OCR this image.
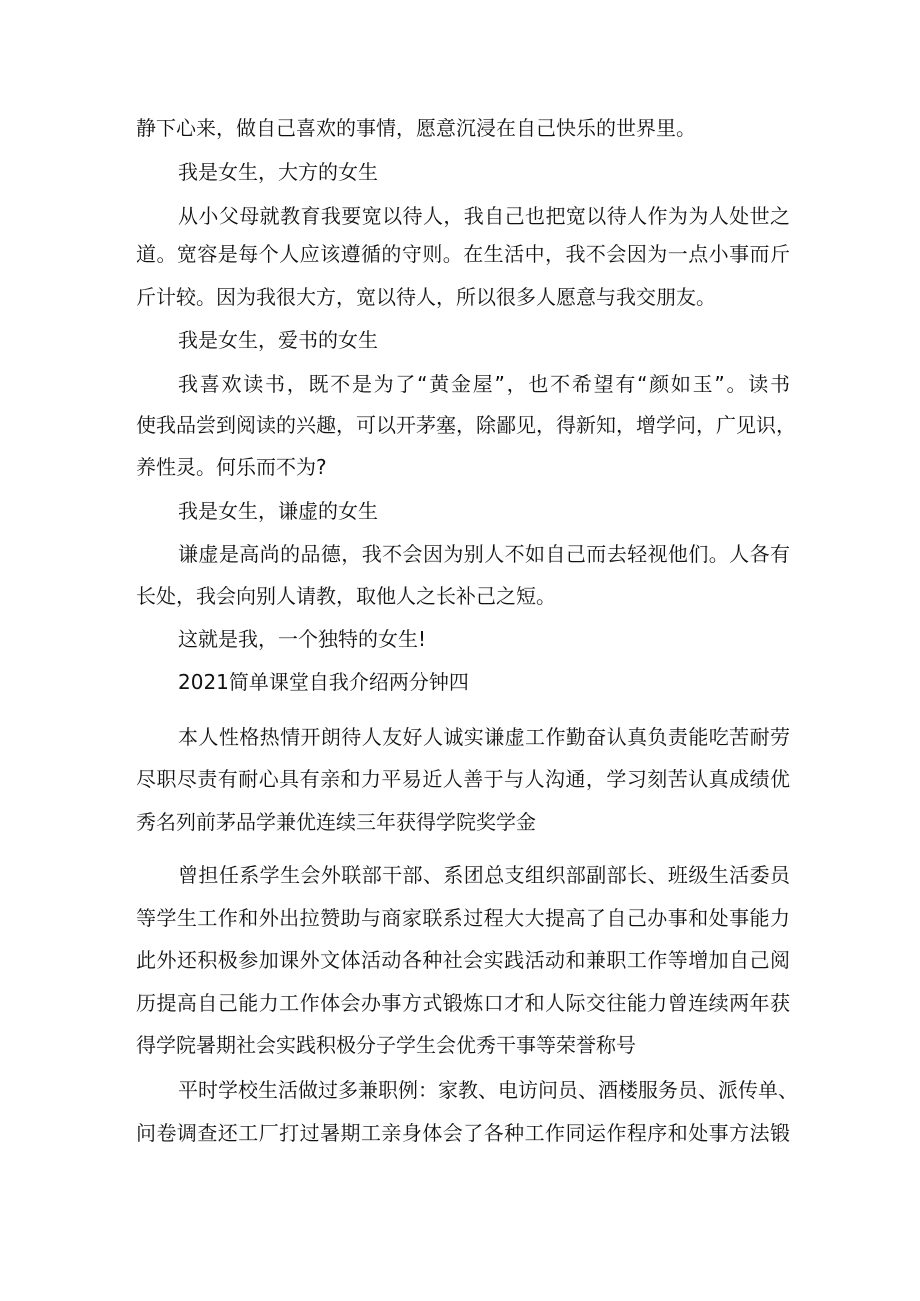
静下心来，做自己喜欢的事情，愿意沉浸在自己快乐的世界里。

我是女生，大方的女生

从小父母就教育我要宽以待人，我自己也把宽以待人作为为人处世之

道。宽容是每个人应该遵循的守则。在生活中，我不会因为一点小事而斤

斤计较。因为我很大方，宽以待人，所以很多人愿意与我交朋友。

我是女生，爱书的女生

我喜欢读书，既不是为了“黄金屋”，也不希望有“颜如玉”。读书

使我品尝到阅读的兴趣，可以开茅塞，除鄙见，得新知，增学问，广见识，

养性灵。何乐而不为?

我是女生，谦虚的女生

谦虚是高尚的品德，我不会因为别人不如自己而去轻视他们。人各有

长处，我会向别人请教，取他人之长补己之短。

这就是我，一个独特的女生!

2021简单课堂自我介绍两分钟四

本人性格热情开朗待人友好人诚实谦虚工作勤奋认真负责能吃苦耐劳

尽职尽责有耐心具有亲和力平易近人善于与人沟通，学习刻苦认真成绩优

秀名列前茅品学兼优连续三年获得学院奖学金

曾担任系学生会外联部干部、系团总支组织部副部长、班级生活委员

等学生工作和外出拉赞助与商家联系过程大大提高了自己办事和处事能力

此外还积极参加课外文体活动各种社会实践活动和兼职工作等增加自己阅

历提高自己能力工作体会办事方式锻炼口才和人际交往能力曾连续两年获

得学院暑期社会实践积极分子学生会优秀干事等荣誉称号

平时学校生活做过多兼职例：家教、电访问员、酒楼服务员、派传单、

问卷调查还工厂打过暑期工亲身体会了各种工作同运作程序和处事方法锻
